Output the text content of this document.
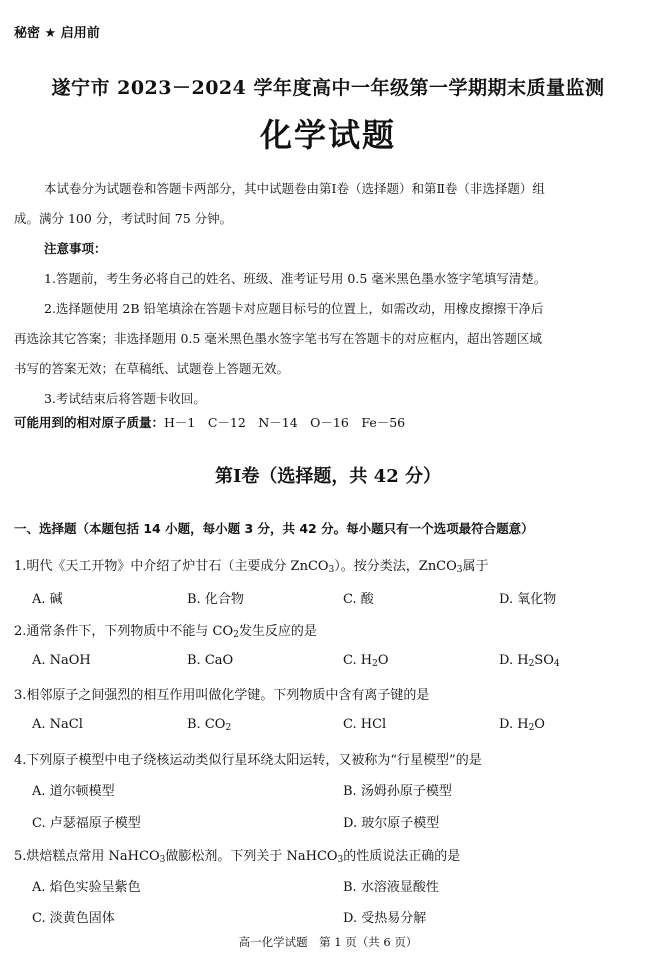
秘密 ★ 启用前
遂宁市 2023－2024 学年度高中一年级第一学期期末质量监测
化学试题
本试卷分为试题卷和答题卡两部分，其中试题卷由第Ⅰ卷（选择题）和第Ⅱ卷（非选择题）组
成。满分 100 分，考试时间 75 分钟。
注意事项：
1.答题前，考生务必将自己的姓名、班级、准考证号用 0.5 毫米黑色墨水签字笔填写清楚。
2.选择题使用 2B 铅笔填涂在答题卡对应题目标号的位置上，如需改动，用橡皮擦擦干净后
再选涂其它答案；非选择题用 0.5 毫米黑色墨水签字笔书写在答题卡的对应框内，超出答题区域
书写的答案无效；在草稿纸、试题卷上答题无效。
3.考试结束后将答题卡收回。
可能用到的相对原子质量：H－1　C－12　N－14　O－16　Fe－56
第Ⅰ卷（选择题，共 42 分）
一、选择题（本题包括 14 小题，每小题 3 分，共 42 分。每小题只有一个选项最符合题意）
1.明代《天工开物》中介绍了炉甘石（主要成分 ZnCO$_3$）。按分类法，ZnCO$_3$属于
A. 碱	B. 化合物	C. 酸	D. 氧化物
2.通常条件下，下列物质中不能与 $CO_2$发生反应的是
A. NaOH	B. CaO	C. $H_2O$	D. $H_2SO_4$
3.相邻原子之间强烈的相互作用叫做化学键。下列物质中含有离子键的是
A. NaCl	B. $CO_2$	C. HCl	D. $H_2O$
4.下列原子模型中电子绕核运动类似行星环绕太阳运转，又被称为“行星模型”的是
A. 道尔顿模型	B. 汤姆孙原子模型
C. 卢瑟福原子模型	D. 玻尔原子模型
5.烘焙糕点常用 NaHCO$_3$做膨松剂。下列关于 NaHCO$_3$的性质说法正确的是
A. 焰色实验呈紫色	B. 水溶液显酸性
C. 淡黄色固体	D. 受热易分解
高一化学试题　第 1 页（共 6 页）
